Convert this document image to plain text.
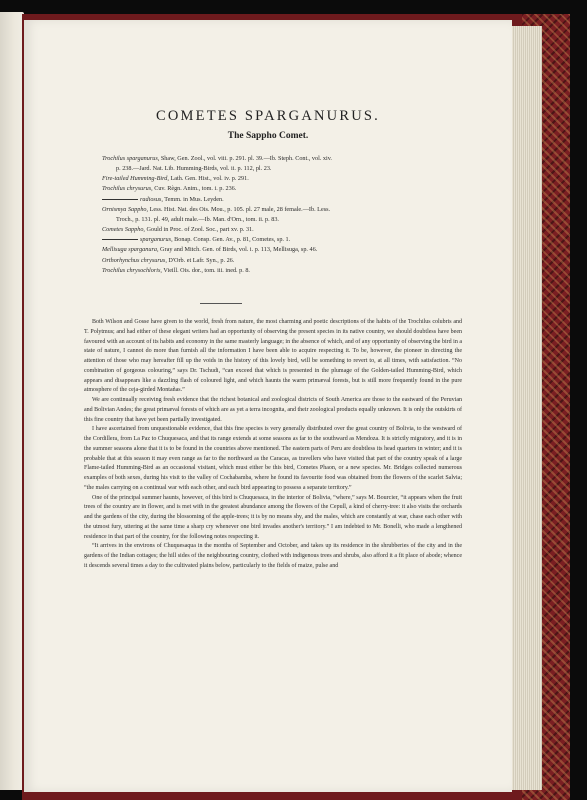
COMETES SPARGANURUS.
The Sappho Comet.
Trochilus sparganurus, Shaw, Gen. Zool., vol. viii. p. 291. pl. 39.—Ib. Steph. Cont., vol. xiv.
p. 238.—Jard. Nat. Lib. Humming-Birds, vol. ii. p. 112, pl. 23.
Fire-tailed Humming-Bird, Lath. Gen. Hist., vol. iv. p. 291.
Trochilus chrysurus, Cuv. Règn. Anim., tom. i. p. 236.
radiosus, Temm. in Mus. Leyden.
Ornismya Sappho, Less. Hist. Nat. des Ois. Mou., p. 105. pl. 27 male, 28 female.—Ib. Less.
Troch., p. 131. pl. 49, adult male.—Ib. Man. d'Orn., tom. ii. p. 83.
Cometes Sappho, Gould in Proc. of Zool. Soc., part xv. p. 31.
sparganurus, Bonap. Consp. Gen. Av., p. 81, Cometes, sp. 1.
Mellisuga sparganura, Gray and Mitch. Gen. of Birds, vol. i. p. 113, Mellisuga, sp. 46.
Orthorhynchus chrysurus, D'Orb. et Lafr. Syn., p. 26.
Trochilus chrysochloris, Vieill. Ois. dor., tom. iii. ined. p. 8.

Both Wilson and Gosse have given to the world, fresh from nature, the most charming and poetic descriptions of the habits of the Trochilus colubris and T. Polytmus; and had either of these elegant writers had an opportunity of observing the present species in its native country, we should doubtless have been favoured with an account of its habits and economy in the same masterly language; in the absence of which, and of any opportunity of observing the bird in a state of nature, I cannot do more than furnish all the information I have been able to acquire respecting it. To be, however, the pioneer in directing the attention of those who may hereafter fill up the voids in the history of this lovely bird, will be something to revert to, at all times, with satisfaction. “No combination of gorgeous colouring,” says Dr. Tschudi, “can exceed that which is presented in the plumage of the Golden-tailed Humming-Bird, which appears and disappears like a dazzling flash of coloured light, and which haunts the warm primæval forests, but is still more frequently found in the pure atmosphere of the ceja-girded Montañas.”

We are continually receiving fresh evidence that the richest botanical and zoological districts of South America are those to the eastward of the Peruvian and Bolivian Andes; the great primæval forests of which are as yet a terra incognita, and their zoological products equally unknown. It is only the outskirts of this fine country that have yet been partially investigated.

I have ascertained from unquestionable evidence, that this fine species is very generally distributed over the great country of Bolivia, to the westward of the Cordillera, from La Paz to Chuquesaca, and that its range extends at some seasons as far to the southward as Mendoza. It is strictly migratory, and it is in the summer seasons alone that it is to be found in the countries above mentioned. The eastern parts of Peru are doubtless its head quarters in winter; and it is probable that at this season it may even range as far to the northward as the Caracas, as travellers who have visited that part of the country speak of a large Flame-tailed Humming-Bird as an occasional visitant, which must either be this bird, Cometes Phaon, or a new species. Mr. Bridges collected numerous examples of both sexes, during his visit to the valley of Cochabamba, where he found its favourite food was obtained from the flowers of the scarlet Salvia; “the males carrying on a continual war with each other, and each bird appearing to possess a separate territory.”

One of the principal summer haunts, however, of this bird is Chuquesaca, in the interior of Bolivia, “where,” says M. Bourcier, “it appears when the fruit trees of the country are in flower, and is met with in the greatest abundance among the flowers of the Cepull, a kind of cherry-tree: it also visits the orchards and the gardens of the city, during the blossoming of the apple-trees; it is by no means shy, and the males, which are constantly at war, chase each other with the utmost fury, uttering at the same time a sharp cry whenever one bird invades another's territory.” I am indebted to Mr. Bonelli, who made a lengthened residence in that part of the country, for the following notes respecting it.

“It arrives in the environs of Chuquesaqua in the months of September and October, and takes up its residence in the shrubberies of the city and in the gardens of the Indian cottages; the hill sides of the neighbouring country, clothed with indigenous trees and shrubs, also afford it a fit place of abode; whence it descends several times a day to the cultivated plains below, particularly to the fields of maize, pulse and
